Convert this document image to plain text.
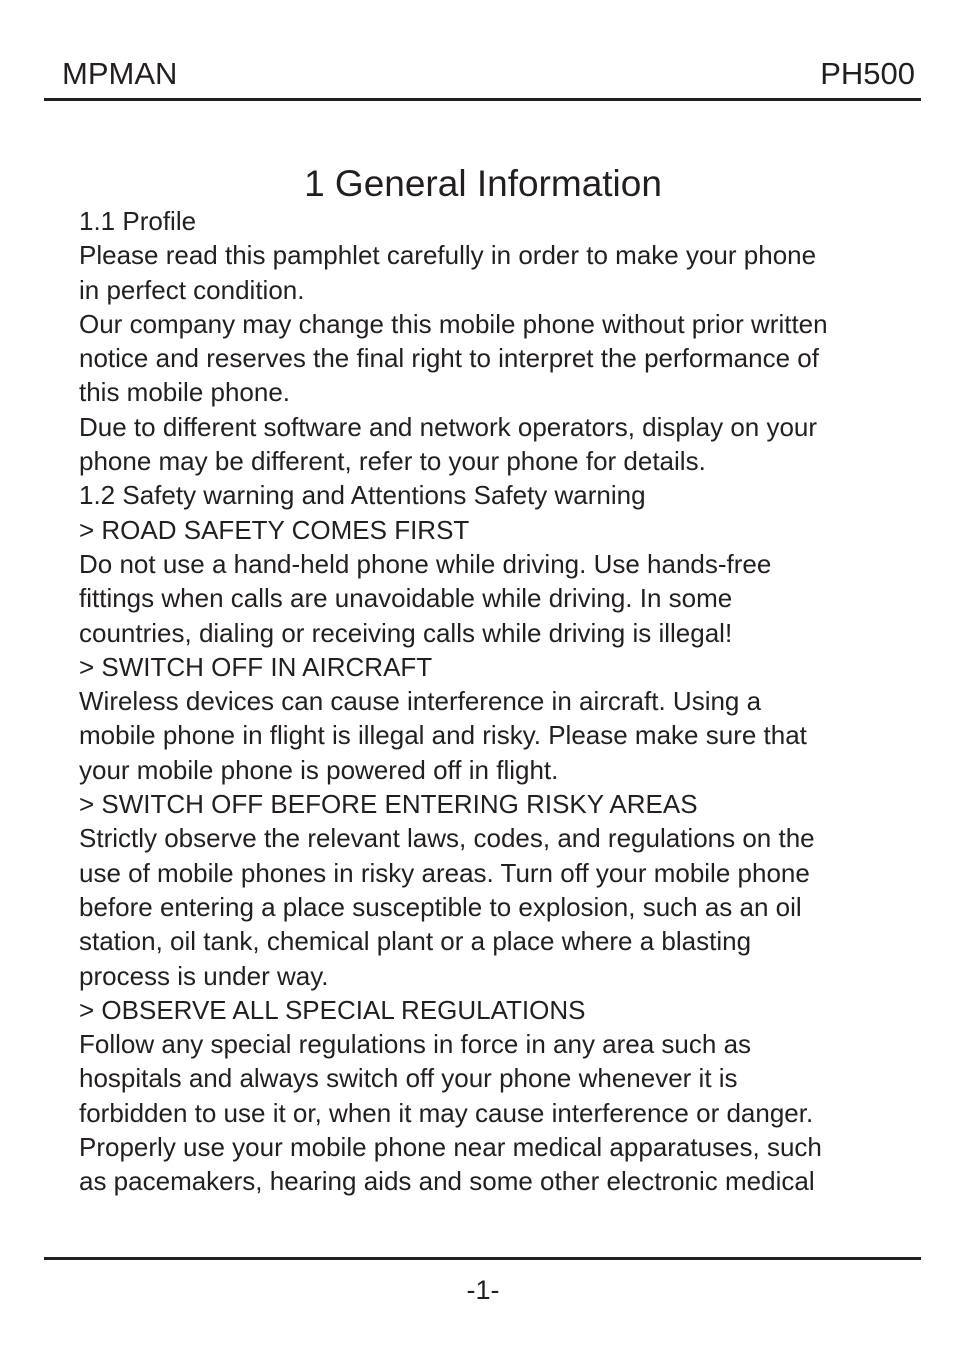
MPMAN	PH500
1 General Information
1.1 Profile
Please read this pamphlet carefully in order to make your phone
in perfect condition.
Our company may change this mobile phone without prior written
notice and reserves the final right to interpret the performance of
this mobile phone.
Due to different software and network operators, display on your
phone may be different, refer to your phone for details.
1.2 Safety warning and Attentions Safety warning
> ROAD SAFETY COMES FIRST
Do not use a hand-held phone while driving. Use hands-free
fittings when calls are unavoidable while driving. In some
countries, dialing or receiving calls while driving is illegal!
> SWITCH OFF IN AIRCRAFT
Wireless devices can cause interference in aircraft. Using a
mobile phone in flight is illegal and risky. Please make sure that
your mobile phone is powered off in flight.
> SWITCH OFF BEFORE ENTERING RISKY AREAS
Strictly observe the relevant laws, codes, and regulations on the
use of mobile phones in risky areas. Turn off your mobile phone
before entering a place susceptible to explosion, such as an oil
station, oil tank, chemical plant or a place where a blasting
process is under way.
> OBSERVE ALL SPECIAL REGULATIONS
Follow any special regulations in force in any area such as
hospitals and always switch off your phone whenever it is
forbidden to use it or, when it may cause interference or danger.
Properly use your mobile phone near medical apparatuses, such
as pacemakers, hearing aids and some other electronic medical
-1-
